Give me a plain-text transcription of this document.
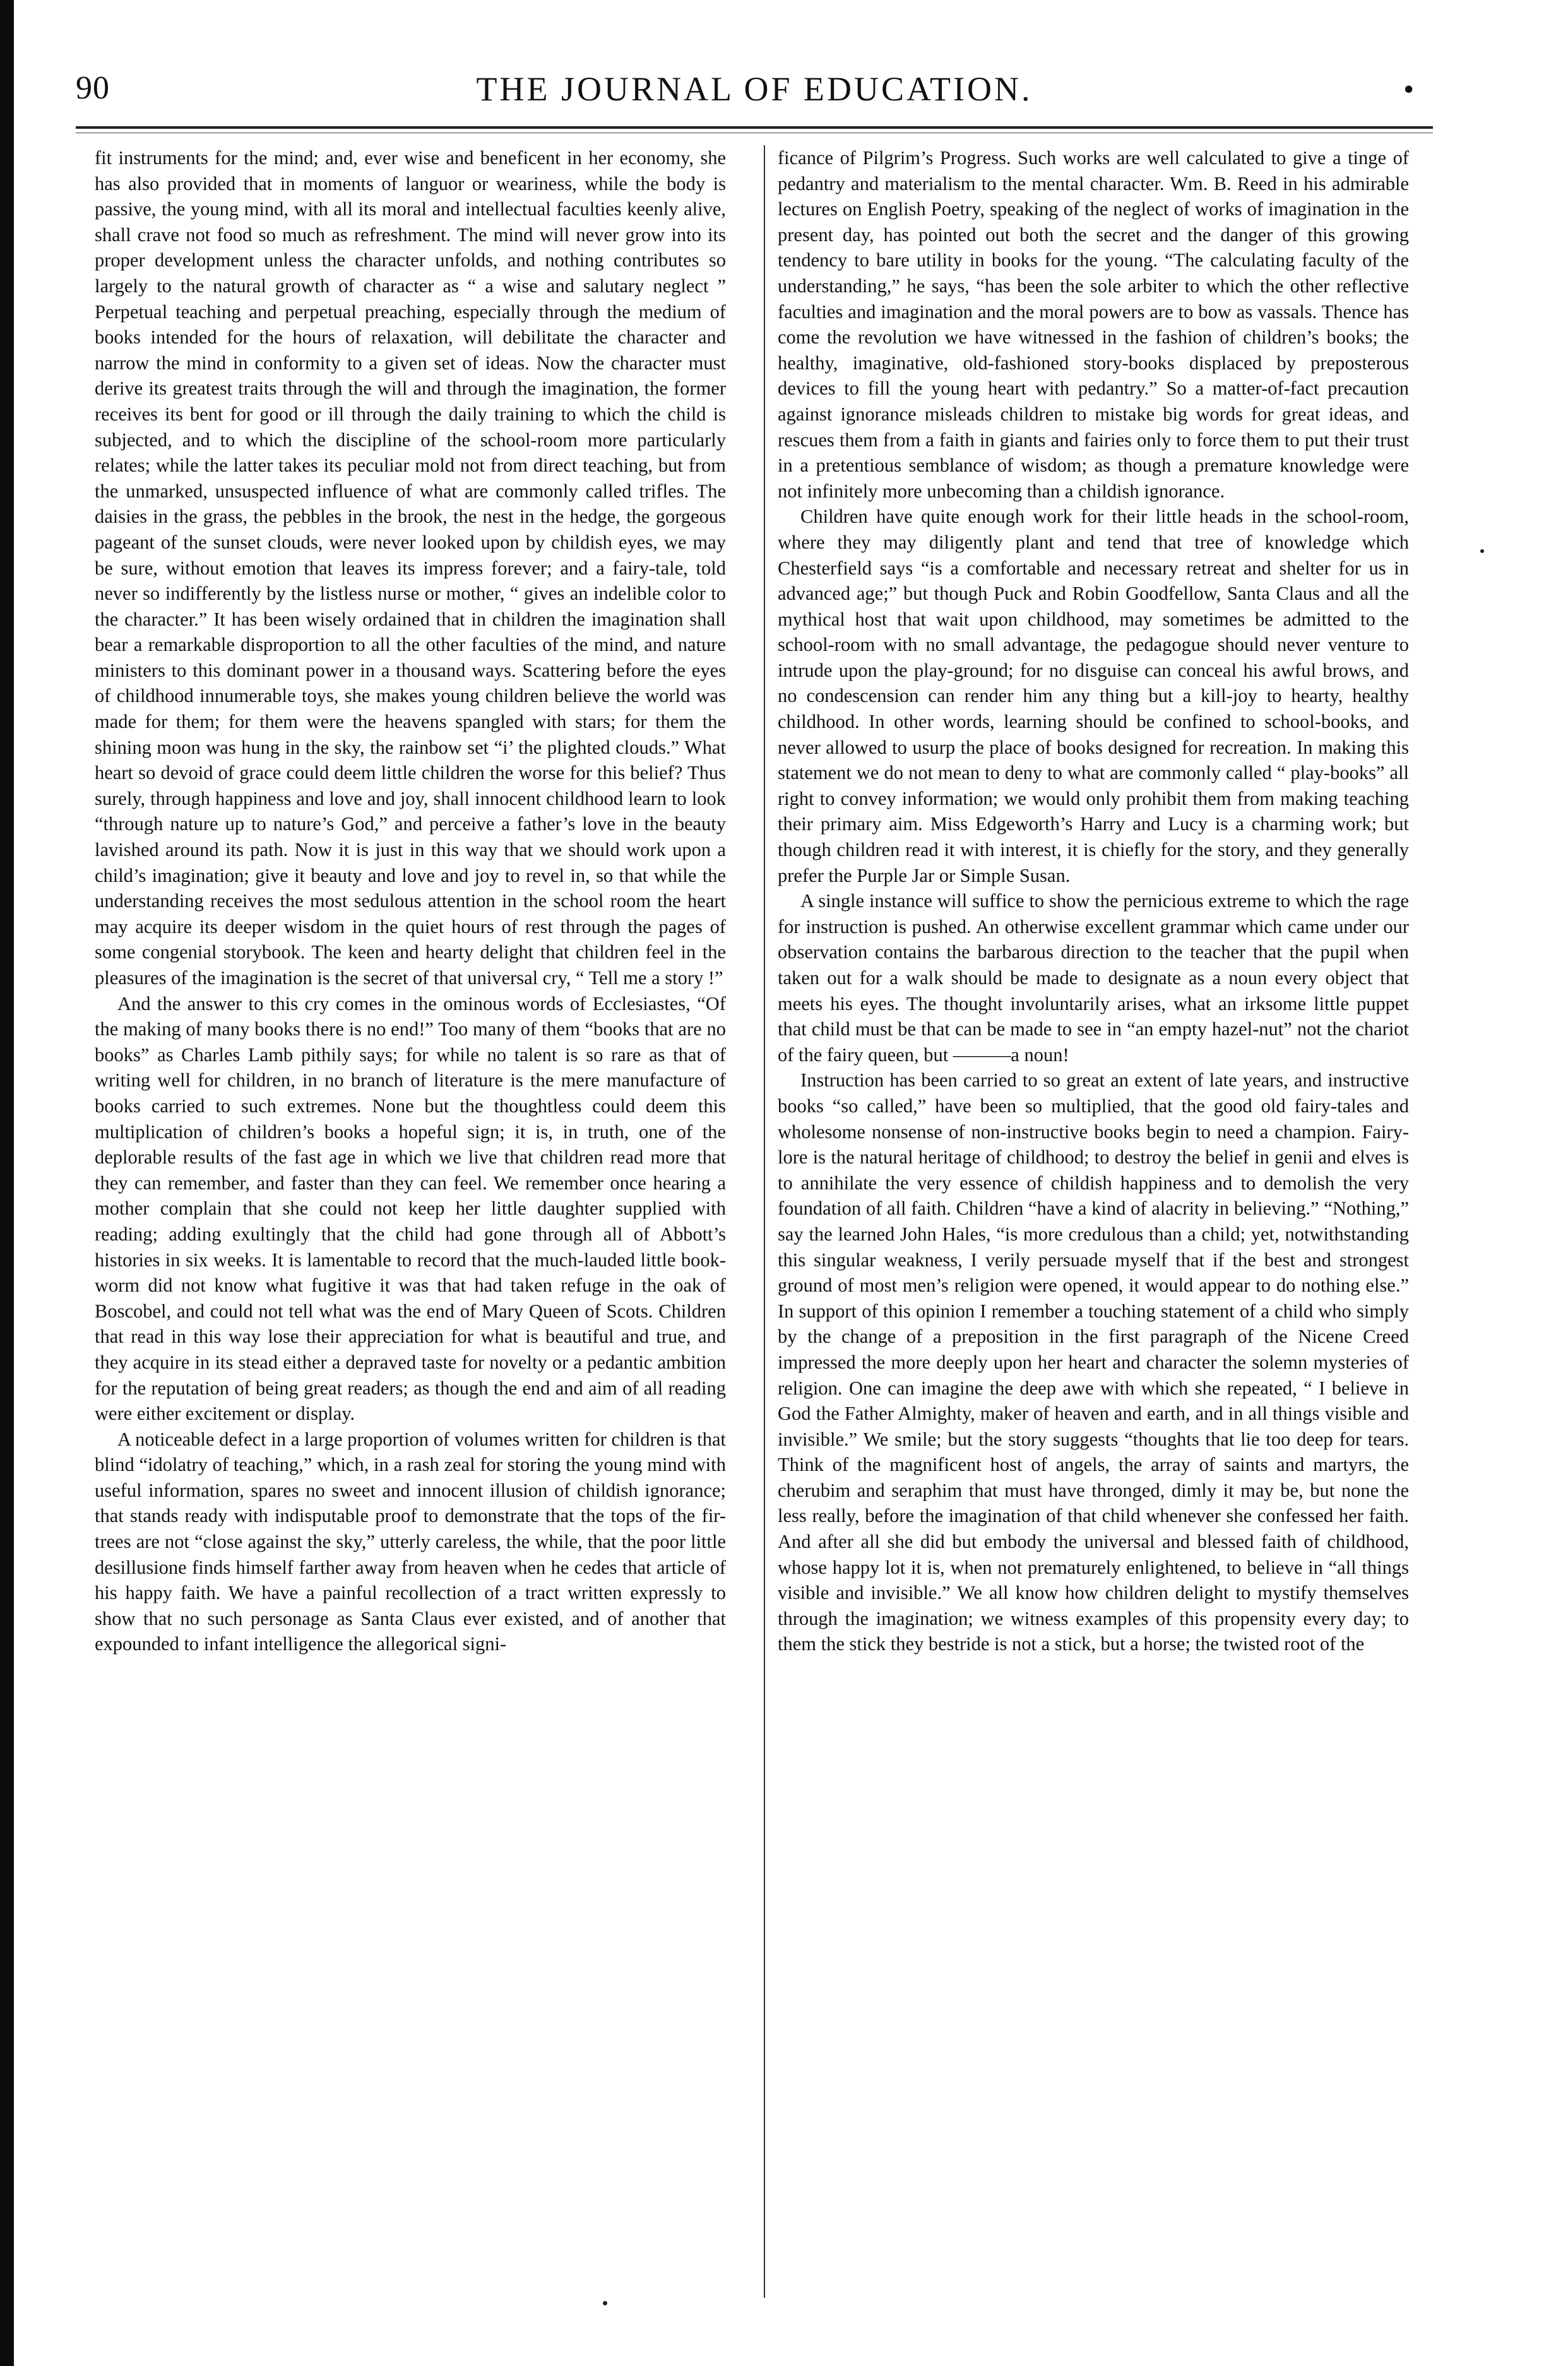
90	THE JOURNAL OF EDUCATION.	•

fit instruments for the mind; and, ever wise and beneficent in her economy, she has also provided that in moments of languor or weariness, while the body is passive, the young mind, with all its moral and intellectual faculties keenly alive, shall crave not food so much as refreshment. The mind will never grow into its proper development unless the character unfolds, and nothing contributes so largely to the natural growth of character as “ a wise and salutary neglect ” Perpetual teaching and perpetual preaching, especially through the medium of books intended for the hours of relaxation, will debilitate the character and narrow the mind in conformity to a given set of ideas. Now the character must derive its greatest traits through the will and through the imagination, the former receives its bent for good or ill through the daily training to which the child is subjected, and to which the discipline of the school-room more particularly relates; while the latter takes its peculiar mold not from direct teaching, but from the unmarked, unsuspected influence of what are commonly called trifles. The daisies in the grass, the pebbles in the brook, the nest in the hedge, the gorgeous pageant of the sunset clouds, were never looked upon by childish eyes, we may be sure, without emotion that leaves its impress forever; and a fairy-tale, told never so indifferently by the listless nurse or mother, “ gives an indelible color to the character.” It has been wisely ordained that in children the imagination shall bear a remarkable disproportion to all the other faculties of the mind, and nature ministers to this dominant power in a thousand ways. Scattering before the eyes of childhood innumerable toys, she makes young children believe the world was made for them; for them were the heavens spangled with stars; for them the shining moon was hung in the sky, the rainbow set “i’ the plighted clouds.” What heart so devoid of grace could deem little children the worse for this belief? Thus surely, through happiness and love and joy, shall innocent childhood learn to look “through nature up to nature’s God,” and perceive a father’s love in the beauty lavished around its path. Now it is just in this way that we should work upon a child’s imagination; give it beauty and love and joy to revel in, so that while the understanding receives the most sedulous attention in the school room the heart may acquire its deeper wisdom in the quiet hours of rest through the pages of some congenial storybook. The keen and hearty delight that children feel in the pleasures of the imagination is the secret of that universal cry, “ Tell me a story !”

And the answer to this cry comes in the ominous words of Ecclesiastes, “Of the making of many books there is no end!” Too many of them “books that are no books” as Charles Lamb pithily says; for while no talent is so rare as that of writing well for children, in no branch of literature is the mere manufacture of books carried to such extremes. None but the thoughtless could deem this multiplication of children’s books a hopeful sign; it is, in truth, one of the deplorable results of the fast age in which we live that children read more that they can remember, and faster than they can feel. We remember once hearing a mother complain that she could not keep her little daughter supplied with reading; adding exultingly that the child had gone through all of Abbott’s histories in six weeks. It is lamentable to record that the much-lauded little book-worm did not know what fugitive it was that had taken refuge in the oak of Boscobel, and could not tell what was the end of Mary Queen of Scots. Children that read in this way lose their appreciation for what is beautiful and true, and they acquire in its stead either a depraved taste for novelty or a pedantic ambition for the reputation of being great readers; as though the end and aim of all reading were either excitement or display.

A noticeable defect in a large proportion of volumes written for children is that blind “idolatry of teaching,” which, in a rash zeal for storing the young mind with useful information, spares no sweet and innocent illusion of childish ignorance; that stands ready with indisputable proof to demonstrate that the tops of the fir-trees are not “close against the sky,” utterly careless, the while, that the poor little desillusione finds himself farther away from heaven when he cedes that article of his happy faith. We have a painful recollection of a tract written expressly to show that no such personage as Santa Claus ever existed, and of another that expounded to infant intelligence the allegorical signi-

ficance of Pilgrim’s Progress. Such works are well calculated to give a tinge of pedantry and materialism to the mental character. Wm. B. Reed in his admirable lectures on English Poetry, speaking of the neglect of works of imagination in the present day, has pointed out both the secret and the danger of this growing tendency to bare utility in books for the young. “The calculating faculty of the understanding,” he says, “has been the sole arbiter to which the other reflective faculties and imagination and the moral powers are to bow as vassals. Thence has come the revolution we have witnessed in the fashion of children’s books; the healthy, imaginative, old-fashioned story-books displaced by preposterous devices to fill the young heart with pedantry.” So a matter-of-fact precaution against ignorance misleads children to mistake big words for great ideas, and rescues them from a faith in giants and fairies only to force them to put their trust in a pretentious semblance of wisdom; as though a premature knowledge were not infinitely more unbecoming than a childish ignorance.

Children have quite enough work for their little heads in the school-room, where they may diligently plant and tend that tree of knowledge which Chesterfield says “is a comfortable and necessary retreat and shelter for us in advanced age;” but though Puck and Robin Goodfellow, Santa Claus and all the mythical host that wait upon childhood, may sometimes be admitted to the school-room with no small advantage, the pedagogue should never venture to intrude upon the play-ground; for no disguise can conceal his awful brows, and no condescension can render him any thing but a kill-joy to hearty, healthy childhood. In other words, learning should be confined to school-books, and never allowed to usurp the place of books designed for recreation. In making this statement we do not mean to deny to what are commonly called “ play-books” all right to convey information; we would only prohibit them from making teaching their primary aim. Miss Edgeworth’s Harry and Lucy is a charming work; but though children read it with interest, it is chiefly for the story, and they generally prefer the Purple Jar or Simple Susan.

A single instance will suffice to show the pernicious extreme to which the rage for instruction is pushed. An otherwise excellent grammar which came under our observation contains the barbarous direction to the teacher that the pupil when taken out for a walk should be made to designate as a noun every object that meets his eyes. The thought involuntarily arises, what an irksome little puppet that child must be that can be made to see in “an empty hazel-nut” not the chariot of the fairy queen, but ———a noun!

Instruction has been carried to so great an extent of late years, and instructive books “so called,” have been so multiplied, that the good old fairy-tales and wholesome nonsense of non-instructive books begin to need a champion. Fairy-lore is the natural heritage of childhood; to destroy the belief in genii and elves is to annihilate the very essence of childish happiness and to demolish the very foundation of all faith. Children “have a kind of alacrity in believing.” “Nothing,” say the learned John Hales, “is more credulous than a child; yet, notwithstanding this singular weakness, I verily persuade myself that if the best and strongest ground of most men’s religion were opened, it would appear to do nothing else.” In support of this opinion I remember a touching statement of a child who simply by the change of a preposition in the first paragraph of the Nicene Creed impressed the more deeply upon her heart and character the solemn mysteries of religion. One can imagine the deep awe with which she repeated, “ I believe in God the Father Almighty, maker of heaven and earth, and in all things visible and invisible.” We smile; but the story suggests “thoughts that lie too deep for tears. Think of the magnificent host of angels, the array of saints and martyrs, the cherubim and seraphim that must have thronged, dimly it may be, but none the less really, before the imagination of that child whenever she confessed her faith. And after all she did but embody the universal and blessed faith of childhood, whose happy lot it is, when not prematurely enlightened, to believe in “all things visible and invisible.” We all know how children delight to mystify themselves through the imagination; we witness examples of this propensity every day; to them the stick they bestride is not a stick, but a horse; the twisted root of the
